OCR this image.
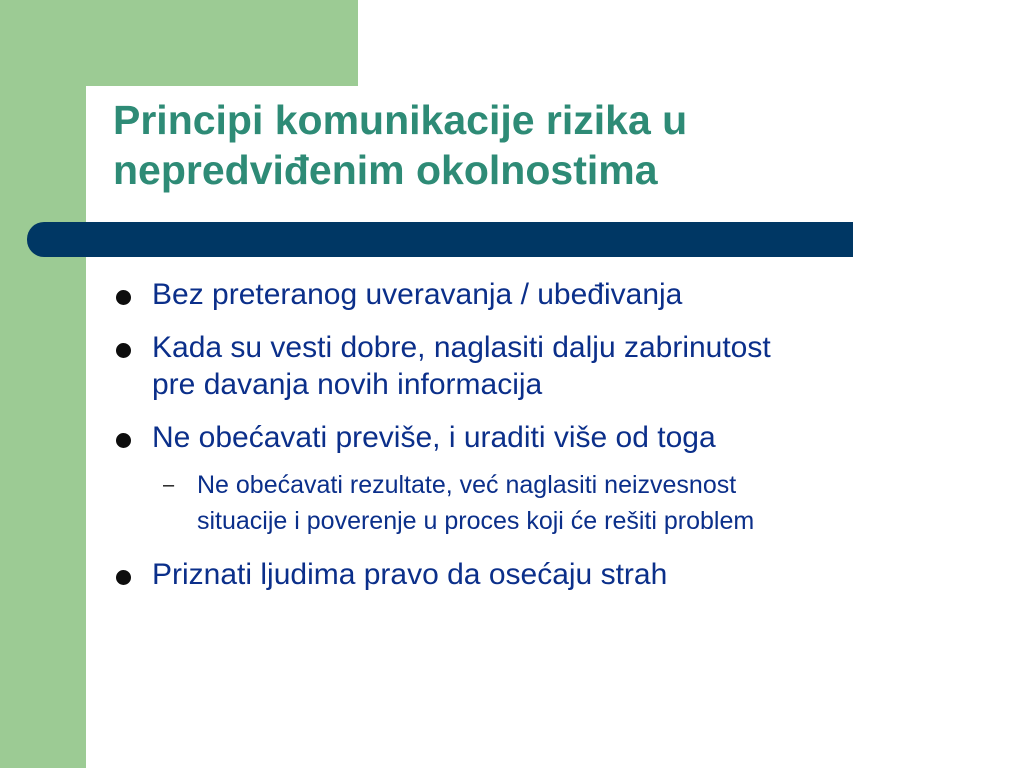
Principi komunikacije rizika u
nepredviđenim okolnostima
Bez preteranog uveravanja / ubeđivanja
Kada su vesti dobre, naglasiti dalju zabrinutost
pre davanja novih informacija
Ne obećavati previše, i uraditi više od toga
– Ne obećavati rezultate, već naglasiti neizvesnost
situacije i poverenje u proces koji će rešiti problem
Priznati ljudima pravo da osećaju strah
